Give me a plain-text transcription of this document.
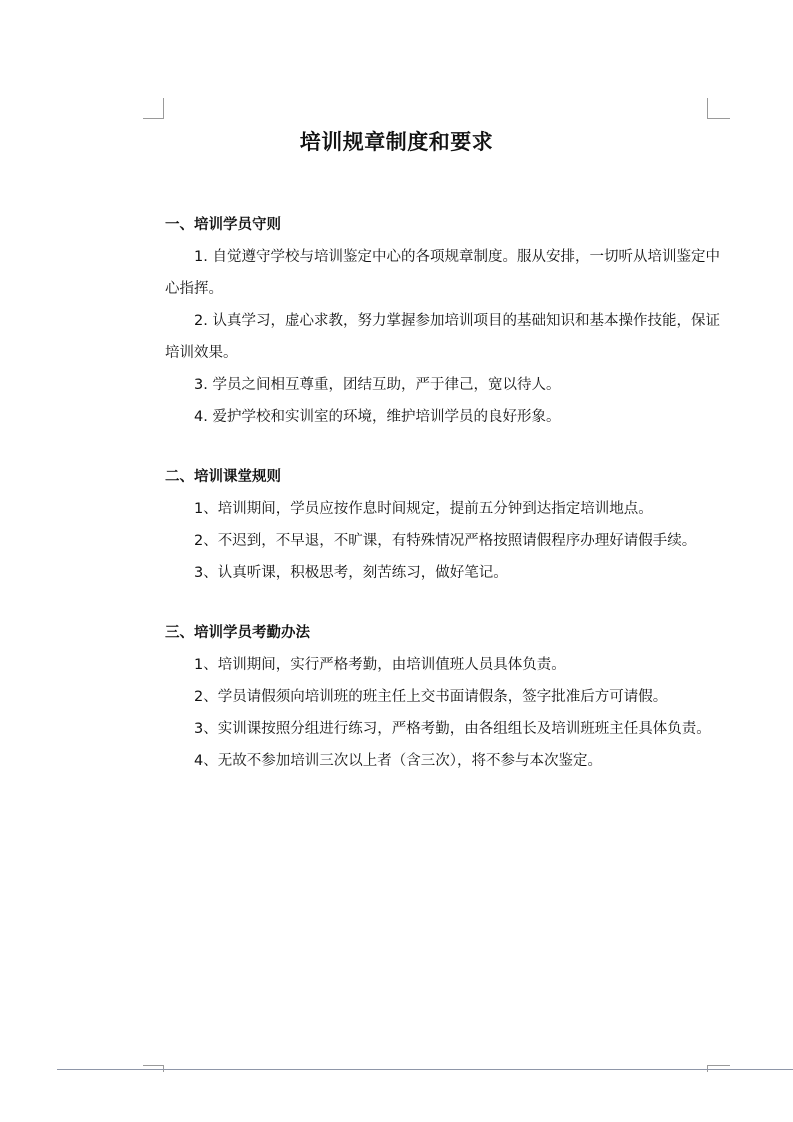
培训规章制度和要求

一、培训学员守则

1. 自觉遵守学校与培训鉴定中心的各项规章制度。服从安排，一切听从培训鉴定中心指挥。

2. 认真学习，虚心求教，努力掌握参加培训项目的基础知识和基本操作技能，保证培训效果。

3. 学员之间相互尊重，团结互助，严于律己，宽以待人。

4. 爱护学校和实训室的环境，维护培训学员的良好形象。

二、培训课堂规则

1、培训期间，学员应按作息时间规定，提前五分钟到达指定培训地点。

2、不迟到，不早退，不旷课，有特殊情况严格按照请假程序办理好请假手续。

3、认真听课，积极思考，刻苦练习，做好笔记。

三、培训学员考勤办法

1、培训期间，实行严格考勤，由培训值班人员具体负责。

2、学员请假须向培训班的班主任上交书面请假条，签字批准后方可请假。

3、实训课按照分组进行练习，严格考勤，由各组组长及培训班班主任具体负责。

4、无故不参加培训三次以上者（含三次），将不参与本次鉴定。
